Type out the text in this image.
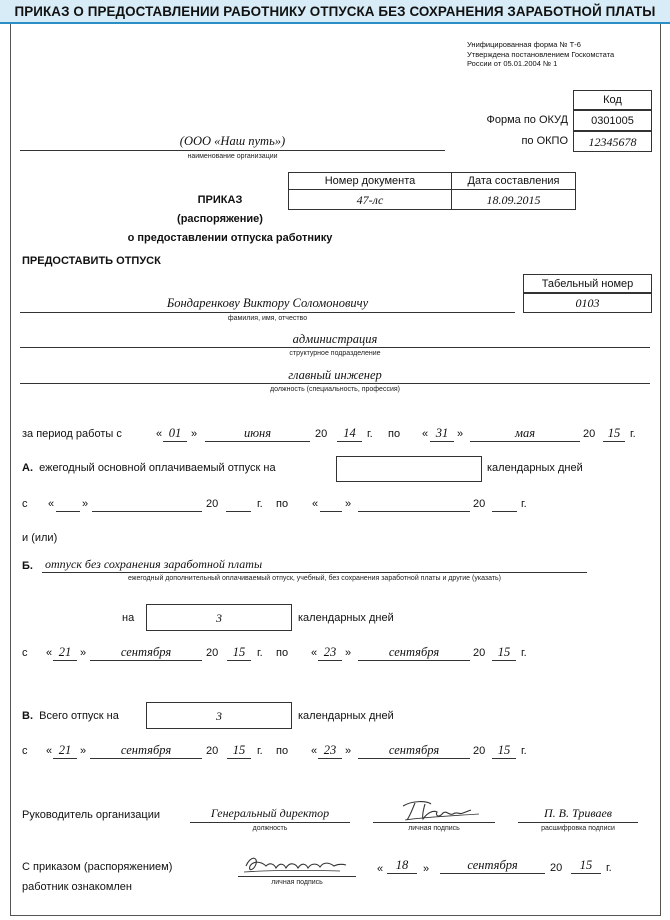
ПРИКАЗ О ПРЕДОСТАВЛЕНИИ РАБОТНИКУ ОТПУСКА БЕЗ СОХРАНЕНИЯ ЗАРАБОТНОЙ ПЛАТЫ
Унифицированная форма № Т-6
Утверждена постановлением Госкомстата
России от 05.01.2004 № 1
Код
Форма по ОКУД	0301005
по ОКПО	12345678
(ООО «Наш путь»)
наименование организации
Номер документа	Дата составления
47-лс	18.09.2015
ПРИКАЗ
(распоряжение)
о предоставлении отпуска работнику
ПРЕДОСТАВИТЬ ОТПУСК
Табельный номер
0103
Бондаренкову Виктору Соломоновичу
фамилия, имя, отчество
администрация
структурное подразделение
главный инженер
должность (специальность, профессия)
за период работы с	« 01 »	июня	20	14	г. по « 31 »	мая	20	15 г.
А. ежегодный основной оплачиваемый отпуск на	календарных дней
с «	»	20	г. по « »	20	г.
и (или)
Б. отпуск без сохранения заработной платы
ежегодный дополнительный оплачиваемый отпуск, учебный, без сохранения заработной платы и другие (указать)
на	3	календарных дней
с « 21 »	сентября	20	15	г. по « 23 »	сентября	20	15 г.
В. Всего отпуск на	3	календарных дней
с « 21 »	сентября	20	15	г. по « 23 »	сентября	20	15 г.
Руководитель организации	Генеральный директор
должность	личная подпись
П. В. Триваев
расшифровка подписи
С приказом (распоряжением)
работник ознакомлен	личная подпись
«	18	»	сентября	20	15	г.
